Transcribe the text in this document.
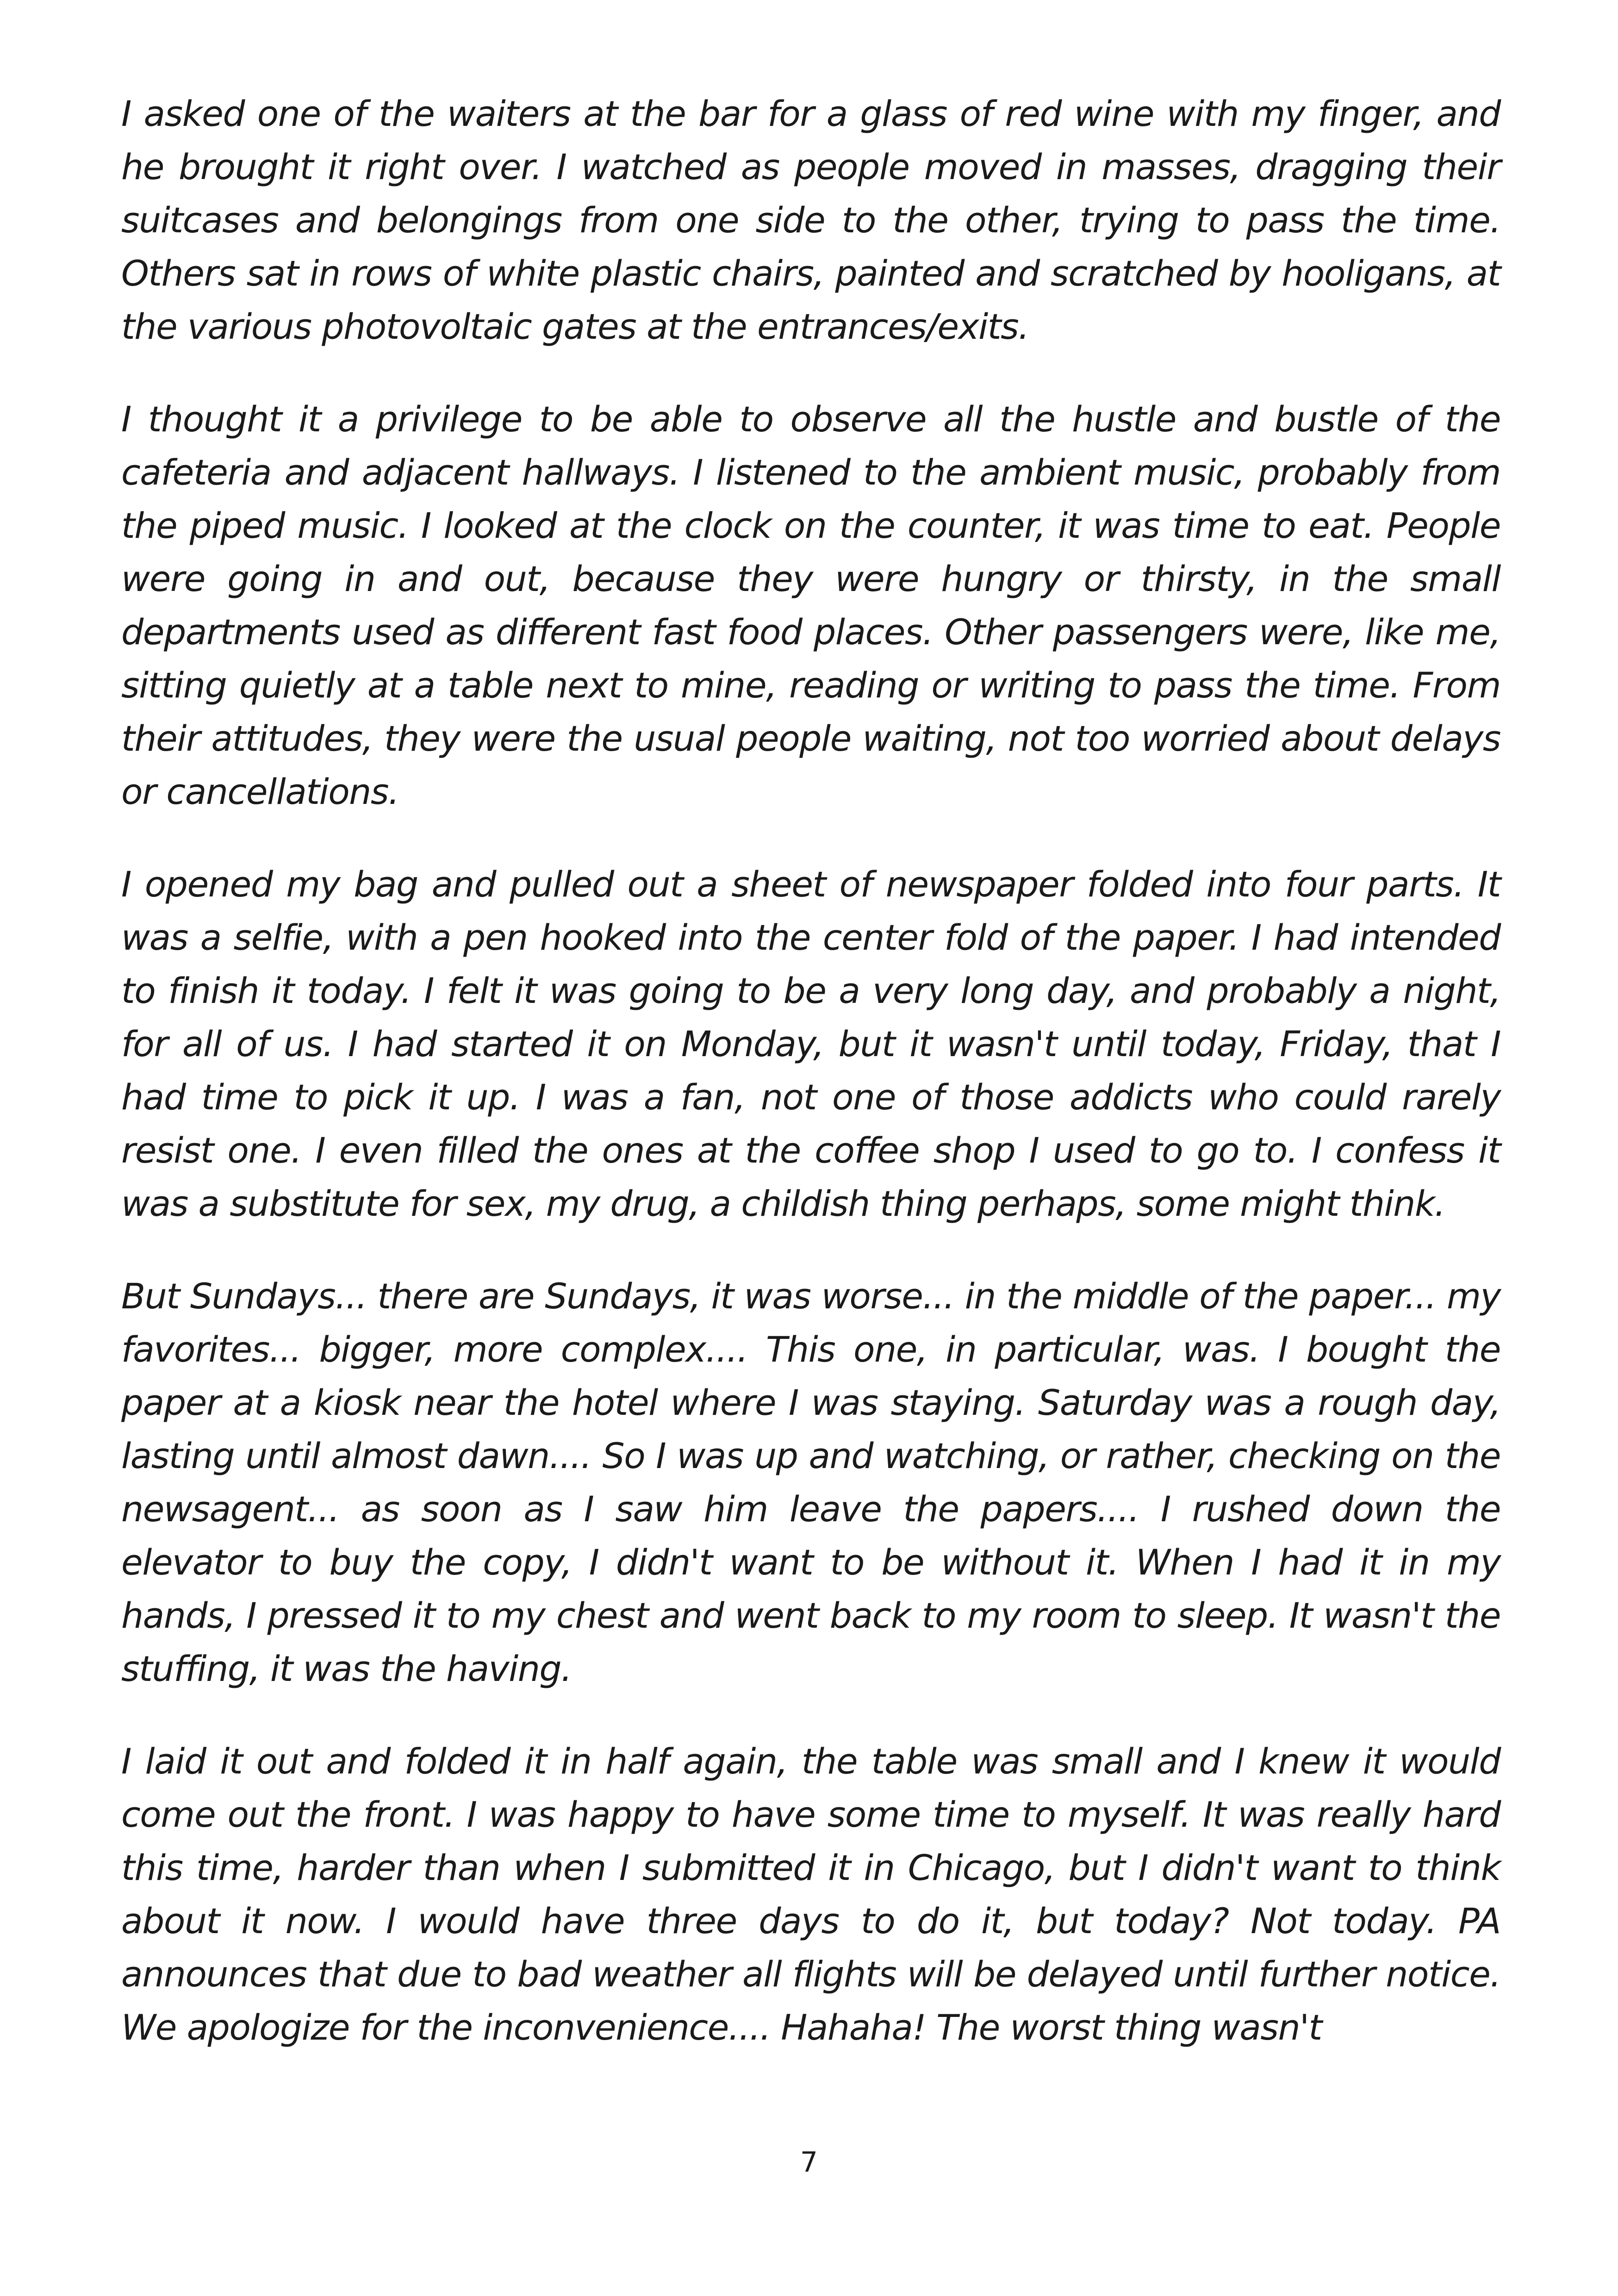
I asked one of the waiters at the bar for a glass of red wine with my finger, and he brought it right over. I watched as people moved in masses, dragging their suitcases and belongings from one side to the other, trying to pass the time. Others sat in rows of white plastic chairs, painted and scratched by hooligans, at the various photovoltaic gates at the entrances/exits.

I thought it a privilege to be able to observe all the hustle and bustle of the cafeteria and adjacent hallways. I listened to the ambient music, probably from the piped music. I looked at the clock on the counter, it was time to eat. People were going in and out, because they were hungry or thirsty, in the small departments used as different fast food places. Other passengers were, like me, sitting quietly at a table next to mine, reading or writing to pass the time. From their attitudes, they were the usual people waiting, not too worried about delays or cancellations.

I opened my bag and pulled out a sheet of newspaper folded into four parts. It was a selfie, with a pen hooked into the center fold of the paper. I had intended to finish it today. I felt it was going to be a very long day, and probably a night, for all of us. I had started it on Monday, but it wasn't until today, Friday, that I had time to pick it up. I was a fan, not one of those addicts who could rarely resist one. I even filled the ones at the coffee shop I used to go to. I confess it was a substitute for sex, my drug, a childish thing perhaps, some might think.

But Sundays... there are Sundays, it was worse... in the middle of the paper... my favorites... bigger, more complex.... This one, in particular, was. I bought the paper at a kiosk near the hotel where I was staying. Saturday was a rough day, lasting until almost dawn.... So I was up and watching, or rather, checking on the newsagent... as soon as I saw him leave the papers.... I rushed down the elevator to buy the copy, I didn't want to be without it. When I had it in my hands, I pressed it to my chest and went back to my room to sleep. It wasn't the stuffing, it was the having.

I laid it out and folded it in half again, the table was small and I knew it would come out the front. I was happy to have some time to myself. It was really hard this time, harder than when I submitted it in Chicago, but I didn't want to think about it now. I would have three days to do it, but today? Not today. PA announces that due to bad weather all flights will be delayed until further notice. We apologize for the inconvenience.... Hahaha! The worst thing wasn't

7
